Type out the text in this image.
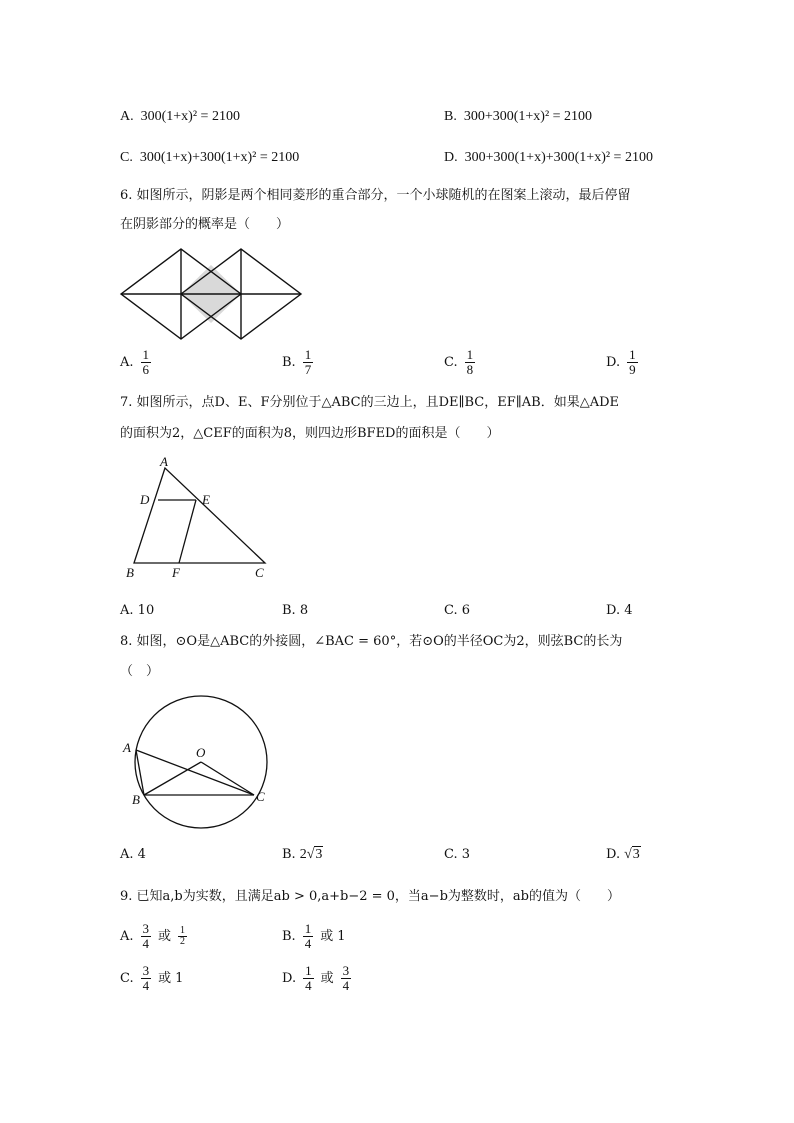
A. 300(1+x)² = 2100	B. 300+300(1+x)² = 2100
C. 300(1+x)+300(1+x)² = 2100	D. 300+300(1+x)+300(1+x)² = 2100
6. 如图所示，阴影是两个相同菱形的重合部分，一个小球随机的在图案上滚动，最后停留
在阴影部分的概率是（　　）
A. $\frac{1}{6}$	B. $\frac{1}{7}$	C. $\frac{1}{8}$	D. $\frac{1}{9}$
7. 如图所示，点D、E、F分别位于△ABC的三边上，且DE∥BC，EF∥AB．如果△ADE
的面积为2，△CEF的面积为8，则四边形BFED的面积是（　　）
A
D	E
B	F	C
A. 10	B. 8	C. 6	D. 4
8. 如图，⊙O是△ABC的外接圆，∠BAC = 60°，若⊙O的半径OC为2，则弦BC的长为
（　）
A	O
B	C
A. 4	B. 2√3	C. 3	D. √3
9. 已知a,b为实数，且满足ab > 0,a+b−2 = 0，当a−b为整数时，ab的值为（　　）
A. $\frac{3}{4}$ 或 $\frac{1}{2}$	B. $\frac{1}{4}$ 或 1
C. $\frac{3}{4}$ 或 1	D. $\frac{1}{4}$ 或 $\frac{3}{4}$
